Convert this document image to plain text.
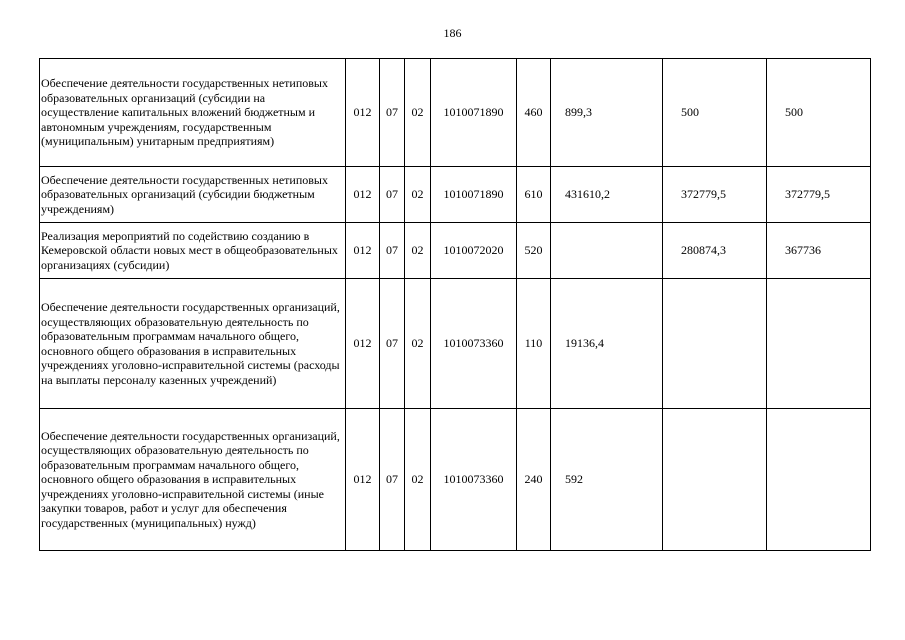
186
Обеспечение деятельности государственных нетиповых образовательных организаций (субсидии на осуществление капитальных вложений бюджетным и автономным учреждениям, государственным (муниципальным) унитарным предприятиям)	012	07	02	1010071890	460	899,3	500	500
Обеспечение деятельности государственных нетиповых образовательных организаций (субсидии бюджетным учреждениям)	012	07	02	1010071890	610	431610,2	372779,5	372779,5
Реализация мероприятий по содействию созданию в Кемеровской области новых мест в общеобразовательных организациях (субсидии)	012	07	02	1010072020	520		280874,3	367736
Обеспечение деятельности государственных организаций, осуществляющих образовательную деятельность по образовательным программам начального общего, основного общего образования в исправительных учреждениях уголовно-исправительной системы (расходы на выплаты персоналу казенных учреждений)	012	07	02	1010073360	110	19136,4		
Обеспечение деятельности государственных организаций, осуществляющих образовательную деятельность по образовательным программам начального общего, основного общего образования в исправительных учреждениях уголовно-исправительной системы (иные закупки товаров, работ и услуг для обеспечения государственных (муниципальных) нужд)	012	07	02	1010073360	240	592		
